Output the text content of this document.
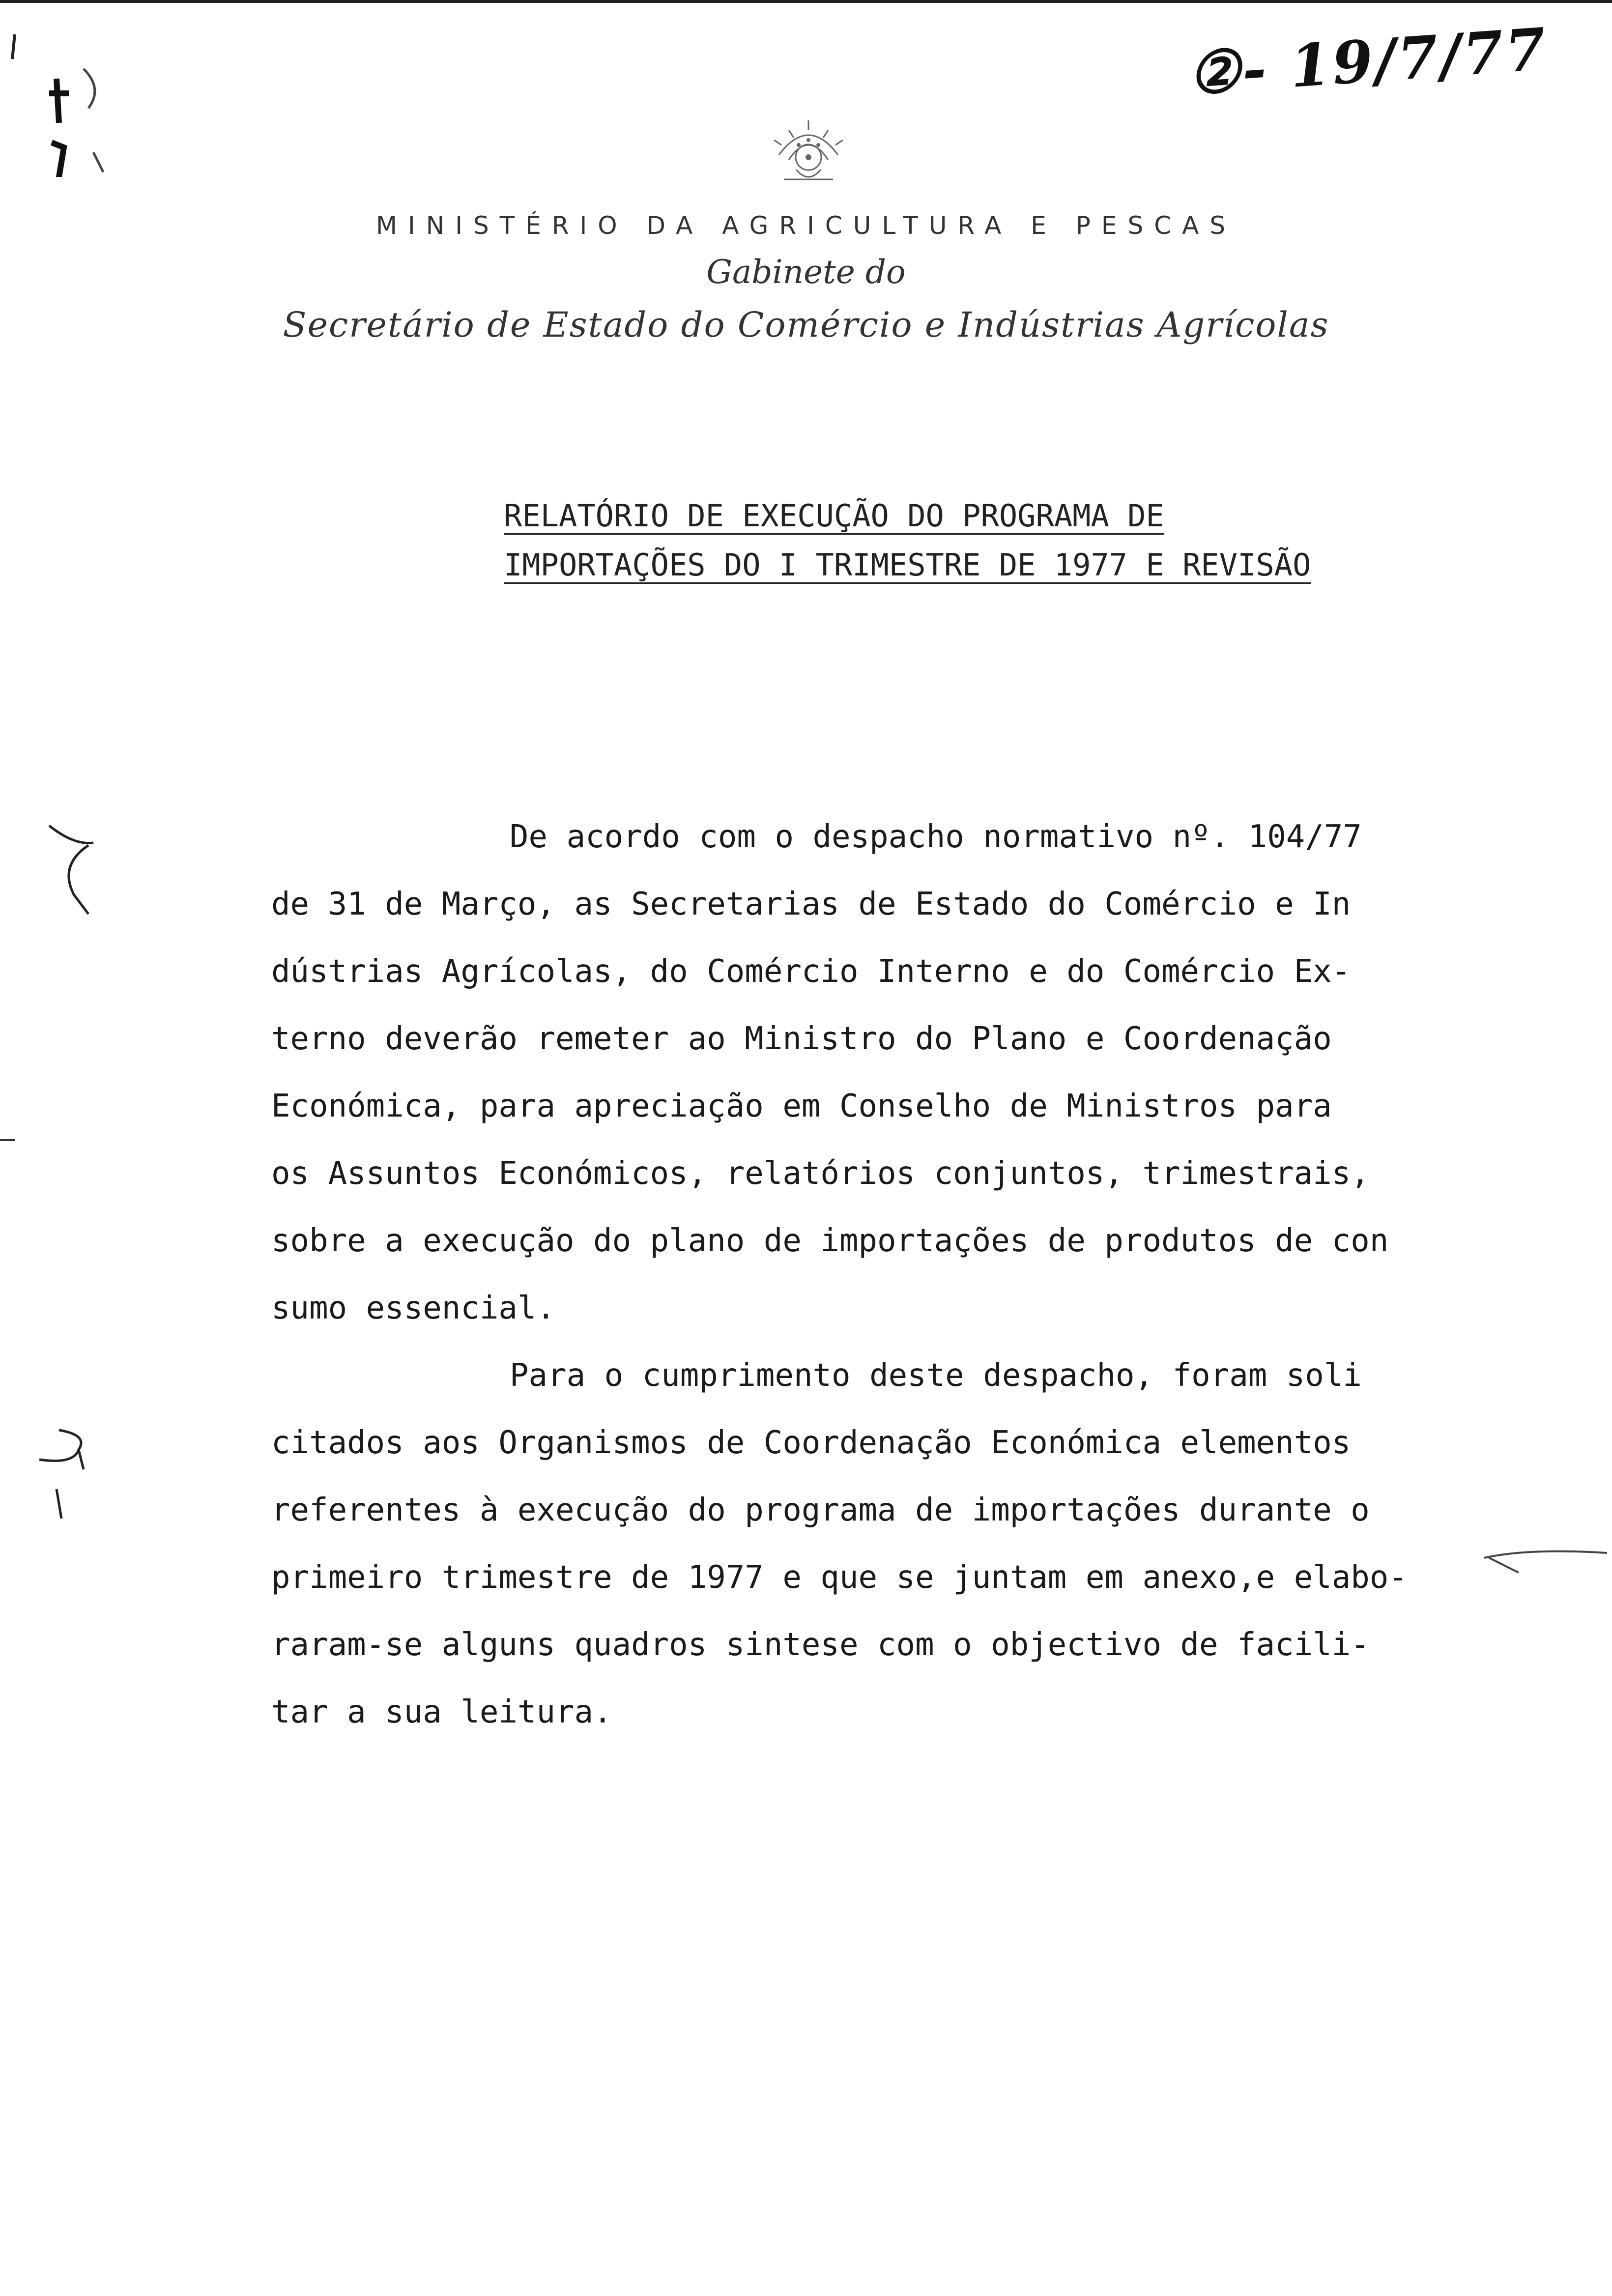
②- 19/7/77
MINISTÉRIO DA AGRICULTURA E PESCAS
Gabinete do
Secretário de Estado do Comércio e Indústrias Agrícolas
RELATÓRIO DE EXECUÇÃO DO PROGRAMA DE
IMPORTAÇÕES DO I TRIMESTRE DE 1977 E REVISÃO
De acordo com o despacho normativo nº. 104/77
de 31 de Março, as Secretarias de Estado do Comércio e In
dústrias Agrícolas, do Comércio Interno e do Comércio Ex-
terno deverão remeter ao Ministro do Plano e Coordenação
Económica, para apreciação em Conselho de Ministros para
os Assuntos Económicos, relatórios conjuntos, trimestrais,
sobre a execução do plano de importações de produtos de con
sumo essencial.
Para o cumprimento deste despacho, foram soli
citados aos Organismos de Coordenação Económica elementos
referentes à execução do programa de importações durante o
primeiro trimestre de 1977 e que se juntam em anexo,e elabo-
raram-se alguns quadros sintese com o objectivo de facili-
tar a sua leitura.
